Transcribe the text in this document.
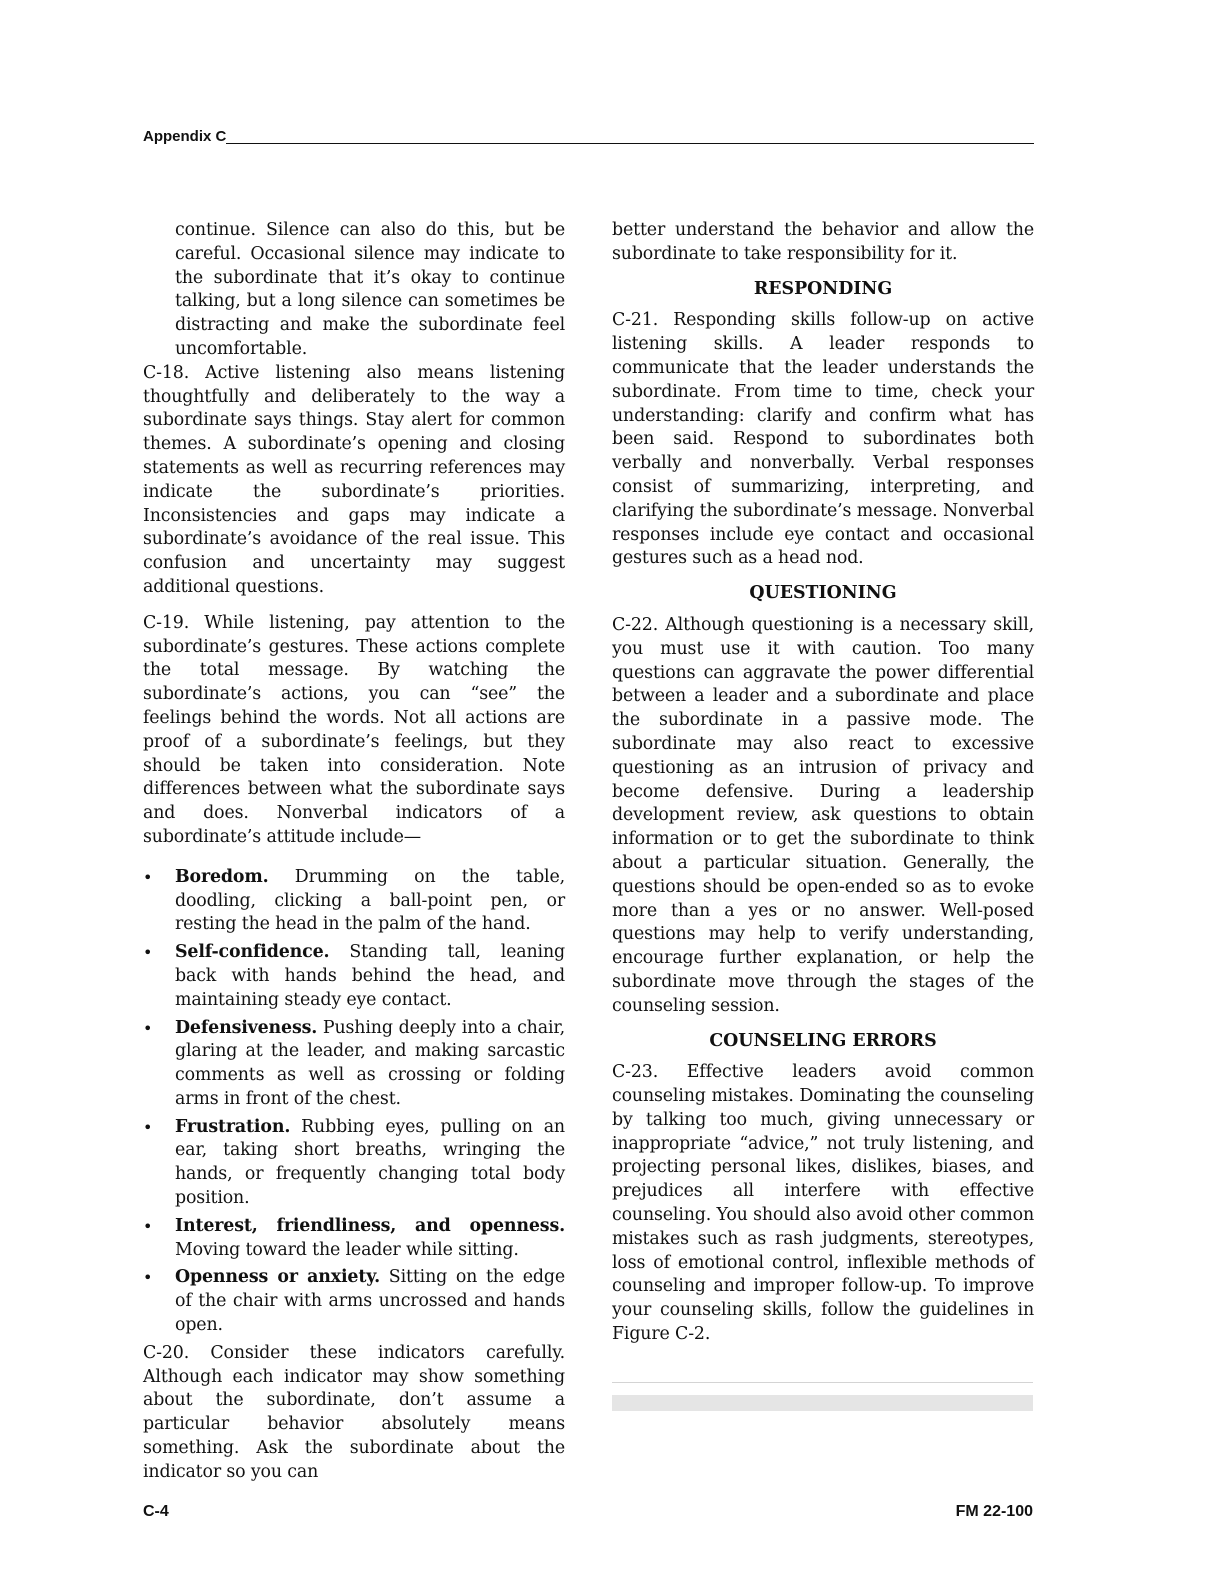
Appendix C

continue. Silence can also do this, but be careful. Occasional silence may indicate to the subordinate that it’s okay to continue talking, but a long silence can sometimes be distracting and make the subordinate feel uncomfortable.

C-18. Active listening also means listening thoughtfully and deliberately to the way a subordinate says things. Stay alert for common themes. A subordinate’s opening and closing statements as well as recurring references may indicate the subordinate’s priorities. Inconsistencies and gaps may indicate a subordinate’s avoidance of the real issue. This confusion and uncertainty may suggest additional questions.

C-19. While listening, pay attention to the subordinate’s gestures. These actions complete the total message. By watching the subordinate’s actions, you can “see” the feelings behind the words. Not all actions are proof of a subordinate’s feelings, but they should be taken into consideration. Note differences between what the subordinate says and does. Nonverbal indicators of a subordinate’s attitude include—

• Boredom. Drumming on the table, doodling, clicking a ball-point pen, or resting the head in the palm of the hand.
• Self-confidence. Standing tall, leaning back with hands behind the head, and maintaining steady eye contact.
• Defensiveness. Pushing deeply into a chair, glaring at the leader, and making sarcastic comments as well as crossing or folding arms in front of the chest.
• Frustration. Rubbing eyes, pulling on an ear, taking short breaths, wringing the hands, or frequently changing total body position.
• Interest, friendliness, and openness. Moving toward the leader while sitting.
• Openness or anxiety. Sitting on the edge of the chair with arms uncrossed and hands open.

C-20. Consider these indicators carefully. Although each indicator may show something about the subordinate, don’t assume a particular behavior absolutely means something. Ask the subordinate about the indicator so you can

better understand the behavior and allow the subordinate to take responsibility for it.

RESPONDING

C-21. Responding skills follow-up on active listening skills. A leader responds to communicate that the leader understands the subordinate. From time to time, check your understanding: clarify and confirm what has been said. Respond to subordinates both verbally and nonverbally. Verbal responses consist of summarizing, interpreting, and clarifying the subordinate’s message. Nonverbal responses include eye contact and occasional gestures such as a head nod.

QUESTIONING

C-22. Although questioning is a necessary skill, you must use it with caution. Too many questions can aggravate the power differential between a leader and a subordinate and place the subordinate in a passive mode. The subordinate may also react to excessive questioning as an intrusion of privacy and become defensive. During a leadership development review, ask questions to obtain information or to get the subordinate to think about a particular situation. Generally, the questions should be open-ended so as to evoke more than a yes or no answer. Well-posed questions may help to verify understanding, encourage further explanation, or help the subordinate move through the stages of the counseling session.

COUNSELING ERRORS

C-23. Effective leaders avoid common counseling mistakes. Dominating the counseling by talking too much, giving unnecessary or inappropriate “advice,” not truly listening, and projecting personal likes, dislikes, biases, and prejudices all interfere with effective counseling. You should also avoid other common mistakes such as rash judgments, stereotypes, loss of emotional control, inflexible methods of counseling and improper follow-up. To improve your counseling skills, follow the guidelines in Figure C-2.

C-4	FM 22-100
